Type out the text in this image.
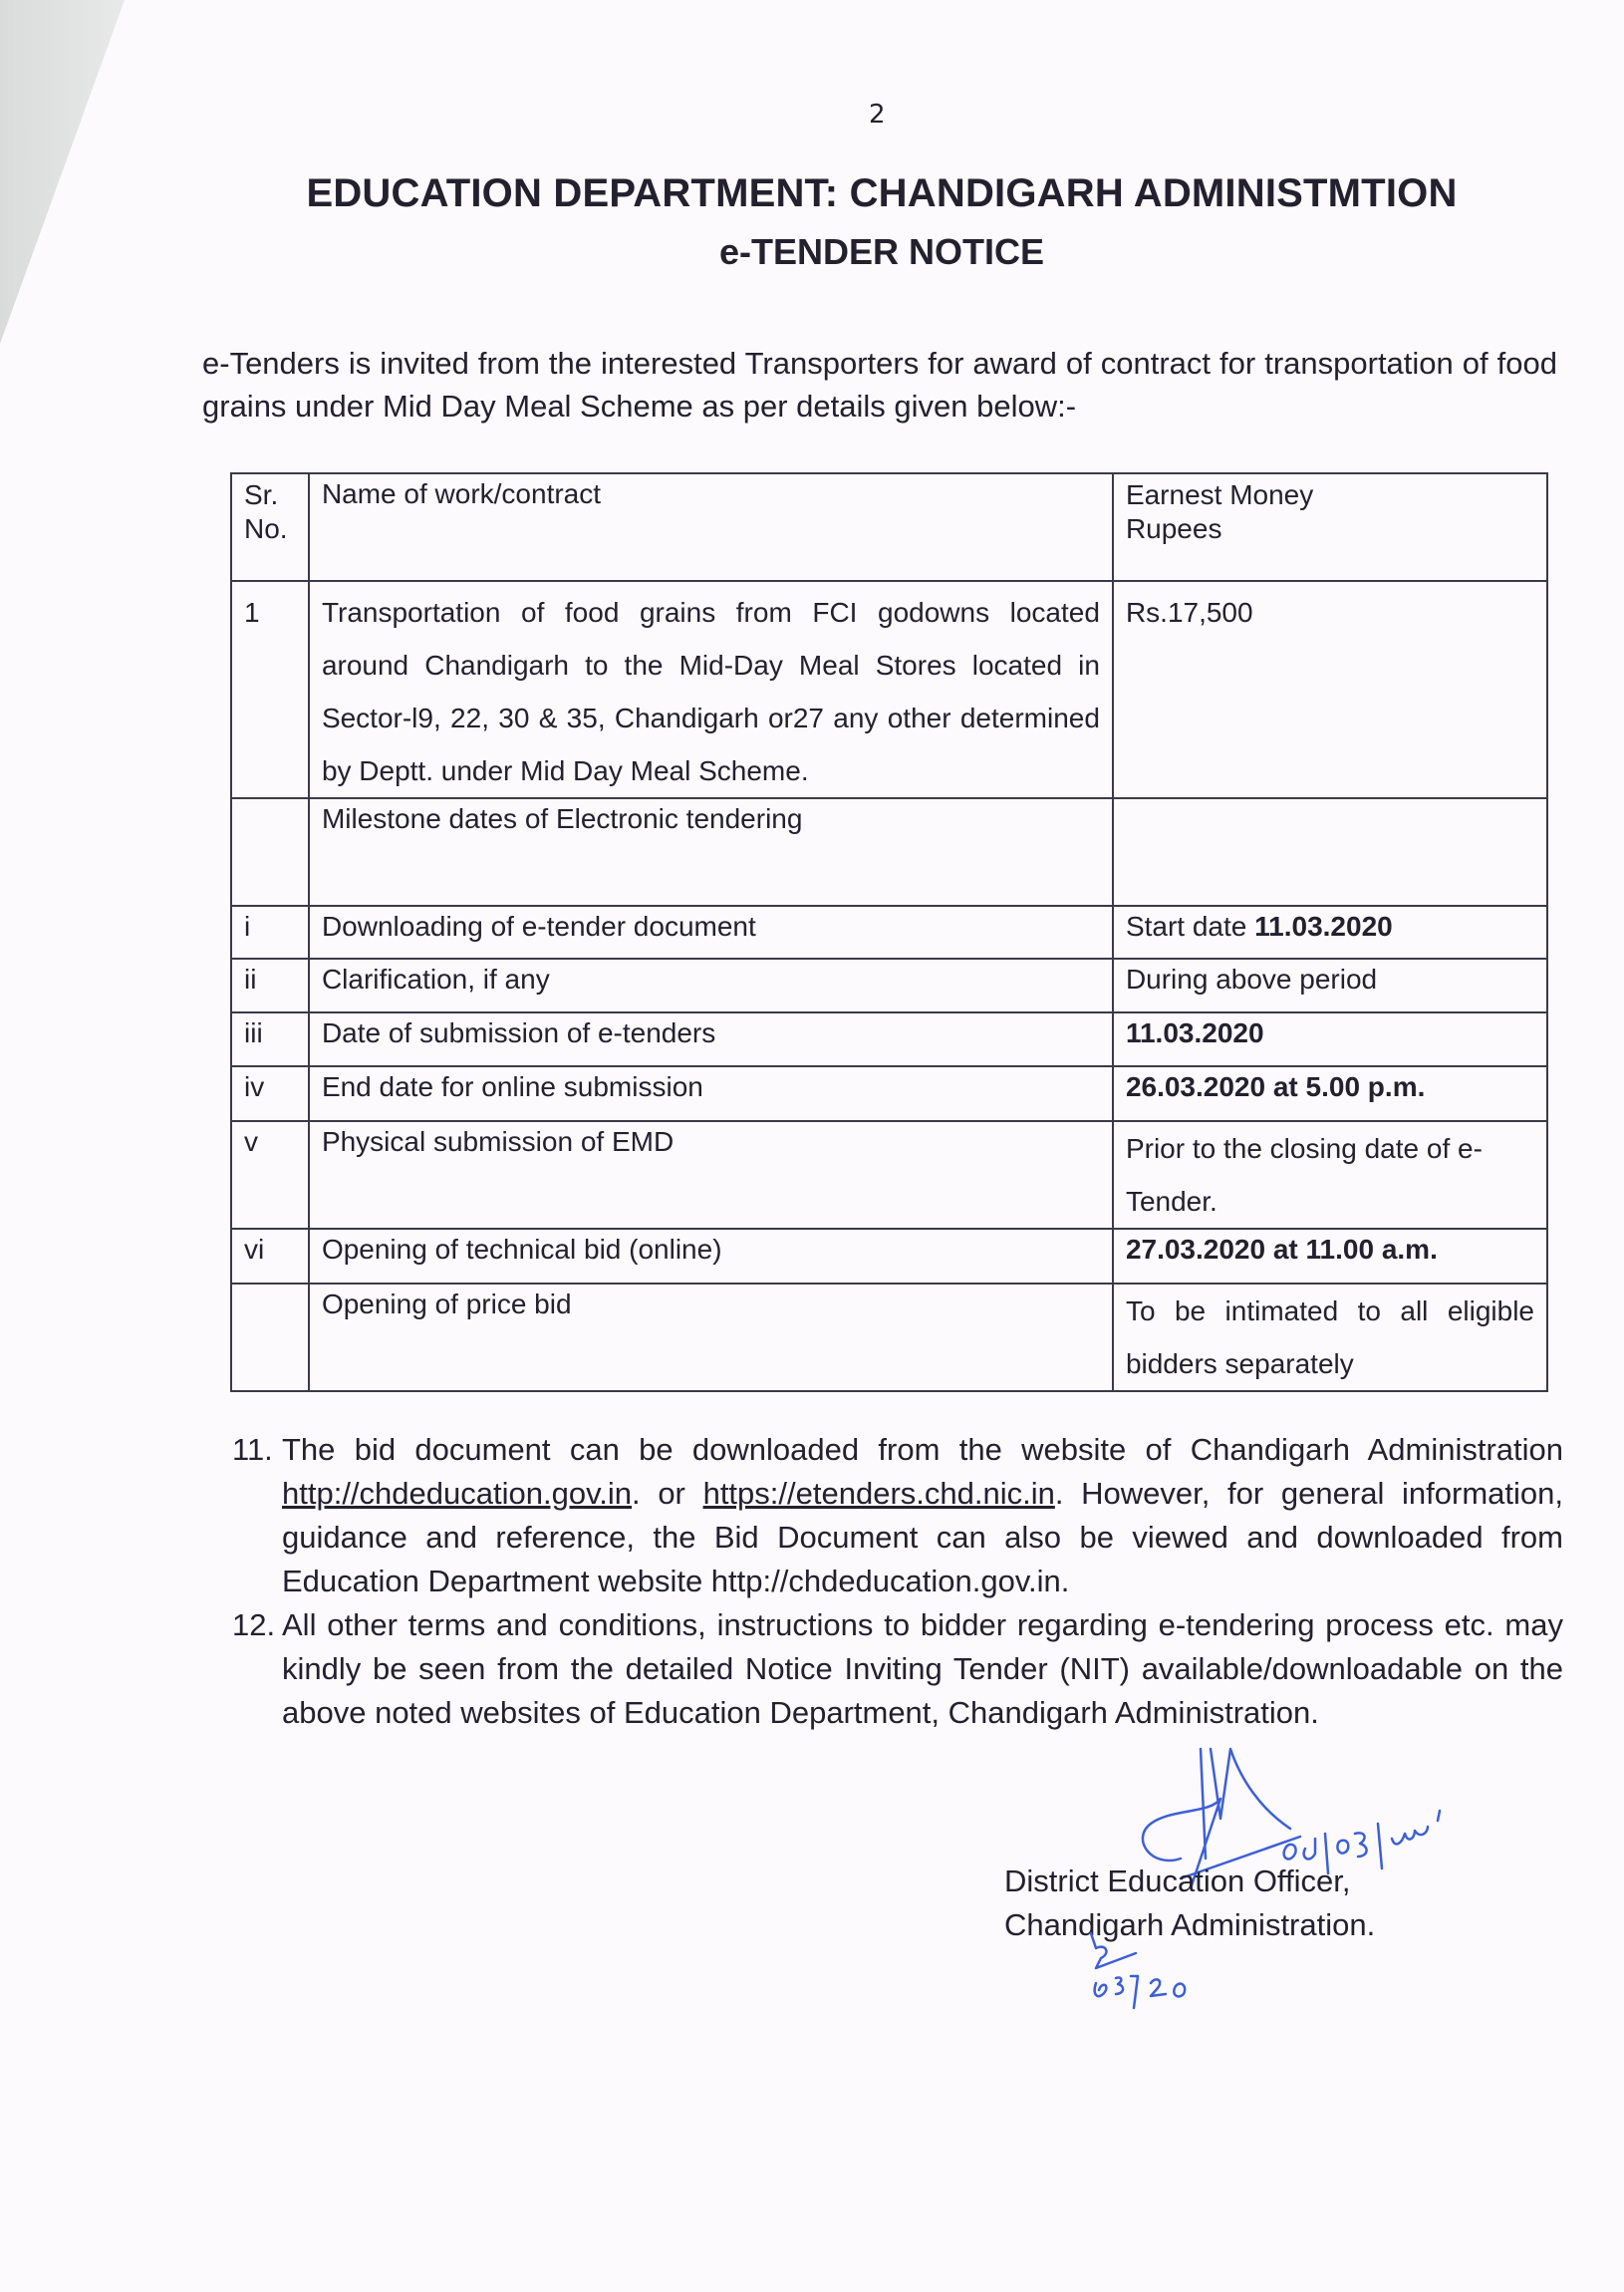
2
EDUCATION DEPARTMENT: CHANDIGARH ADMINISTMTION
e-TENDER NOTICE
e-Tenders is invited from the interested Transporters for award of contract for transportation of food grains under Mid Day Meal Scheme as per details given below:-
Sr. No.	Name of work/contract	Earnest Money Rupees

1	Transportation of food grains from FCI godowns located around Chandigarh to the Mid-Day Meal Stores located in Sector-l9, 22, 30 & 35, Chandigarh or27 any other determined by Deptt. under Mid Day Meal Scheme.	Rs.17,500
	Milestone dates of Electronic tendering	
i	Downloading of e-tender document	Start date 11.03.2020
ii	Clarification, if any	During above period
iii	Date of submission of e-tenders	11.03.2020
iv	End date for online submission	26.03.2020 at 5.00 p.m.
v	Physical submission of EMD	Prior to the closing date of e-Tender.
vi	Opening of technical bid (online)	27.03.2020 at 11.00 a.m.
	Opening of price bid	To be intimated to all eligible bidders separately
11. The bid document can be downloaded from the website of Chandigarh Administration http://chdeducation.gov.in. or https://etenders.chd.nic.in. However, for general information, guidance and reference, the Bid Document can also be viewed and downloaded from Education Department website http://chdeducation.gov.in.
12. All other terms and conditions, instructions to bidder regarding e-tendering process etc. may kindly be seen from the detailed Notice Inviting Tender (NIT) available/downloadable on the above noted websites of Education Department, Chandigarh Administration.
District Education Officer,
Chandigarh Administration.
